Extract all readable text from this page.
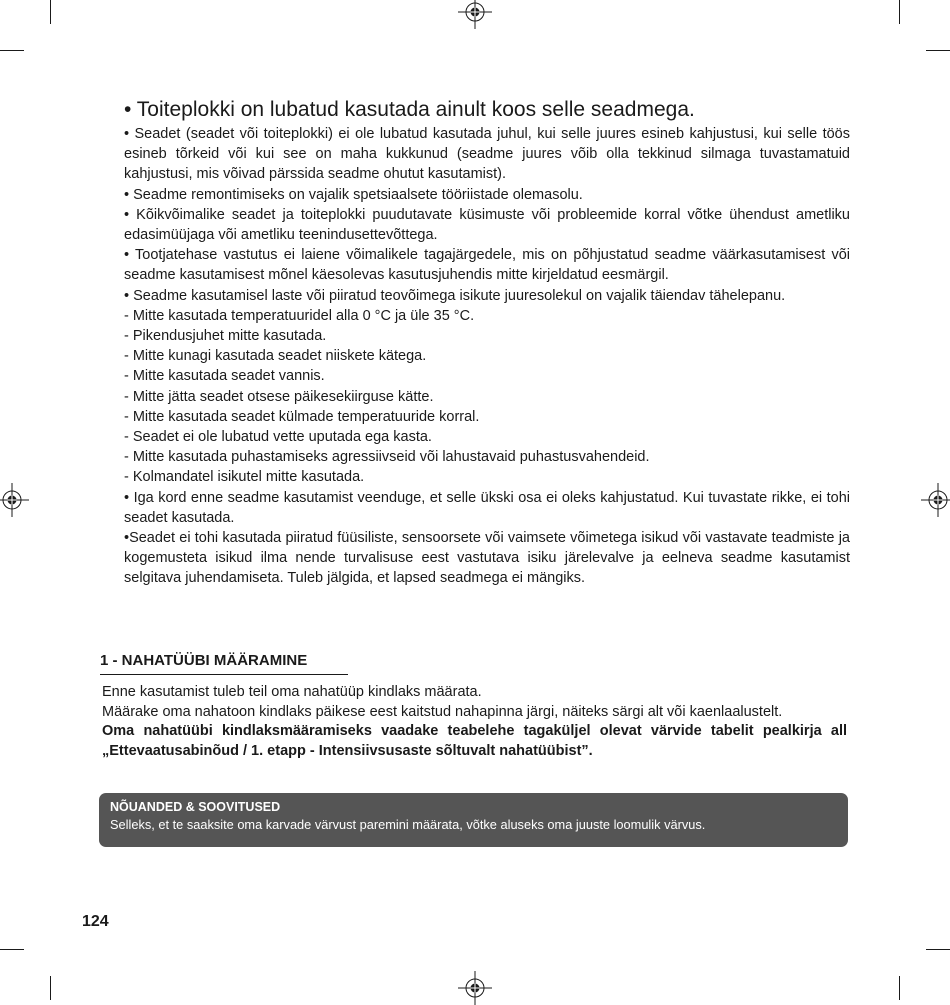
• Toiteplokki on lubatud kasutada ainult koos selle seadmega.
• Seadet (seadet või toiteplokki) ei ole lubatud kasutada juhul, kui selle juures esineb kahjustusi, kui selle töös esineb tõrkeid või kui see on maha kukkunud (seadme juures võib olla tekkinud silmaga tuvastamatuid kahjustusi, mis võivad pärssida seadme ohutut kasutamist).
• Seadme remontimiseks on vajalik spetsiaalsete tööriistade olemasolu.
• Kõikvõimalike seadet ja toiteplokki puudutavate küsimuste või probleemide korral võtke ühendust ametliku edasimüüjaga või ametliku teenindusettevõttega.
• Tootjatehase vastutus ei laiene võimalikele tagajärgedele, mis on põhjustatud seadme väärkasutamisest või seadme kasutamisest mõnel käesolevas kasutusjuhendis mitte kirjeldatud eesmärgil.
• Seadme kasutamisel laste või piiratud teovõimega isikute juuresolekul on vajalik täiendav tähelepanu.
- Mitte kasutada temperatuuridel alla 0 °C ja üle 35 °C.
- Pikendusjuhet mitte kasutada.
- Mitte kunagi kasutada seadet niiskete kätega.
- Mitte kasutada seadet vannis.
- Mitte jätta seadet otsese päikesekiirguse kätte.
- Mitte kasutada seadet külmade temperatuuride korral.
- Seadet ei ole lubatud vette uputada ega kasta.
- Mitte kasutada puhastamiseks agressiivseid või lahustavaid puhastusvahendeid.
- Kolmandatel isikutel mitte kasutada.
• Iga kord enne seadme kasutamist veenduge, et selle ükski osa ei oleks kahjustatud. Kui tuvastate rikke, ei tohi seadet kasutada.
•Seadet ei tohi kasutada piiratud füüsiliste, sensoorsete või vaimsete võimetega isikud või vastavate teadmiste ja kogemusteta isikud ilma nende turvalisuse eest vastutava isiku järelevalve ja eelneva seadme kasutamist selgitava juhendamiseta. Tuleb jälgida, et lapsed seadmega ei mängiks.
1 - NAHATÜÜBI MÄÄRAMINE
Enne kasutamist tuleb teil oma nahatüüp kindlaks määrata.
Määrake oma nahatoon kindlaks päikese eest kaitstud nahapinna järgi, näiteks särgi alt või kaenlaalustelt.
Oma nahatüübi kindlaksmääramiseks vaadake teabelehe tagaküljel olevat värvide tabelit pealkirja all „Ettevaatusabinõud / 1. etapp - Intensiivsusaste sõltuvalt nahatüübist”.
NÕUANDED & SOOVITUSED
Selleks, et te saaksite oma karvade värvust paremini määrata, võtke aluseks oma juuste loomulik värvus.
124
